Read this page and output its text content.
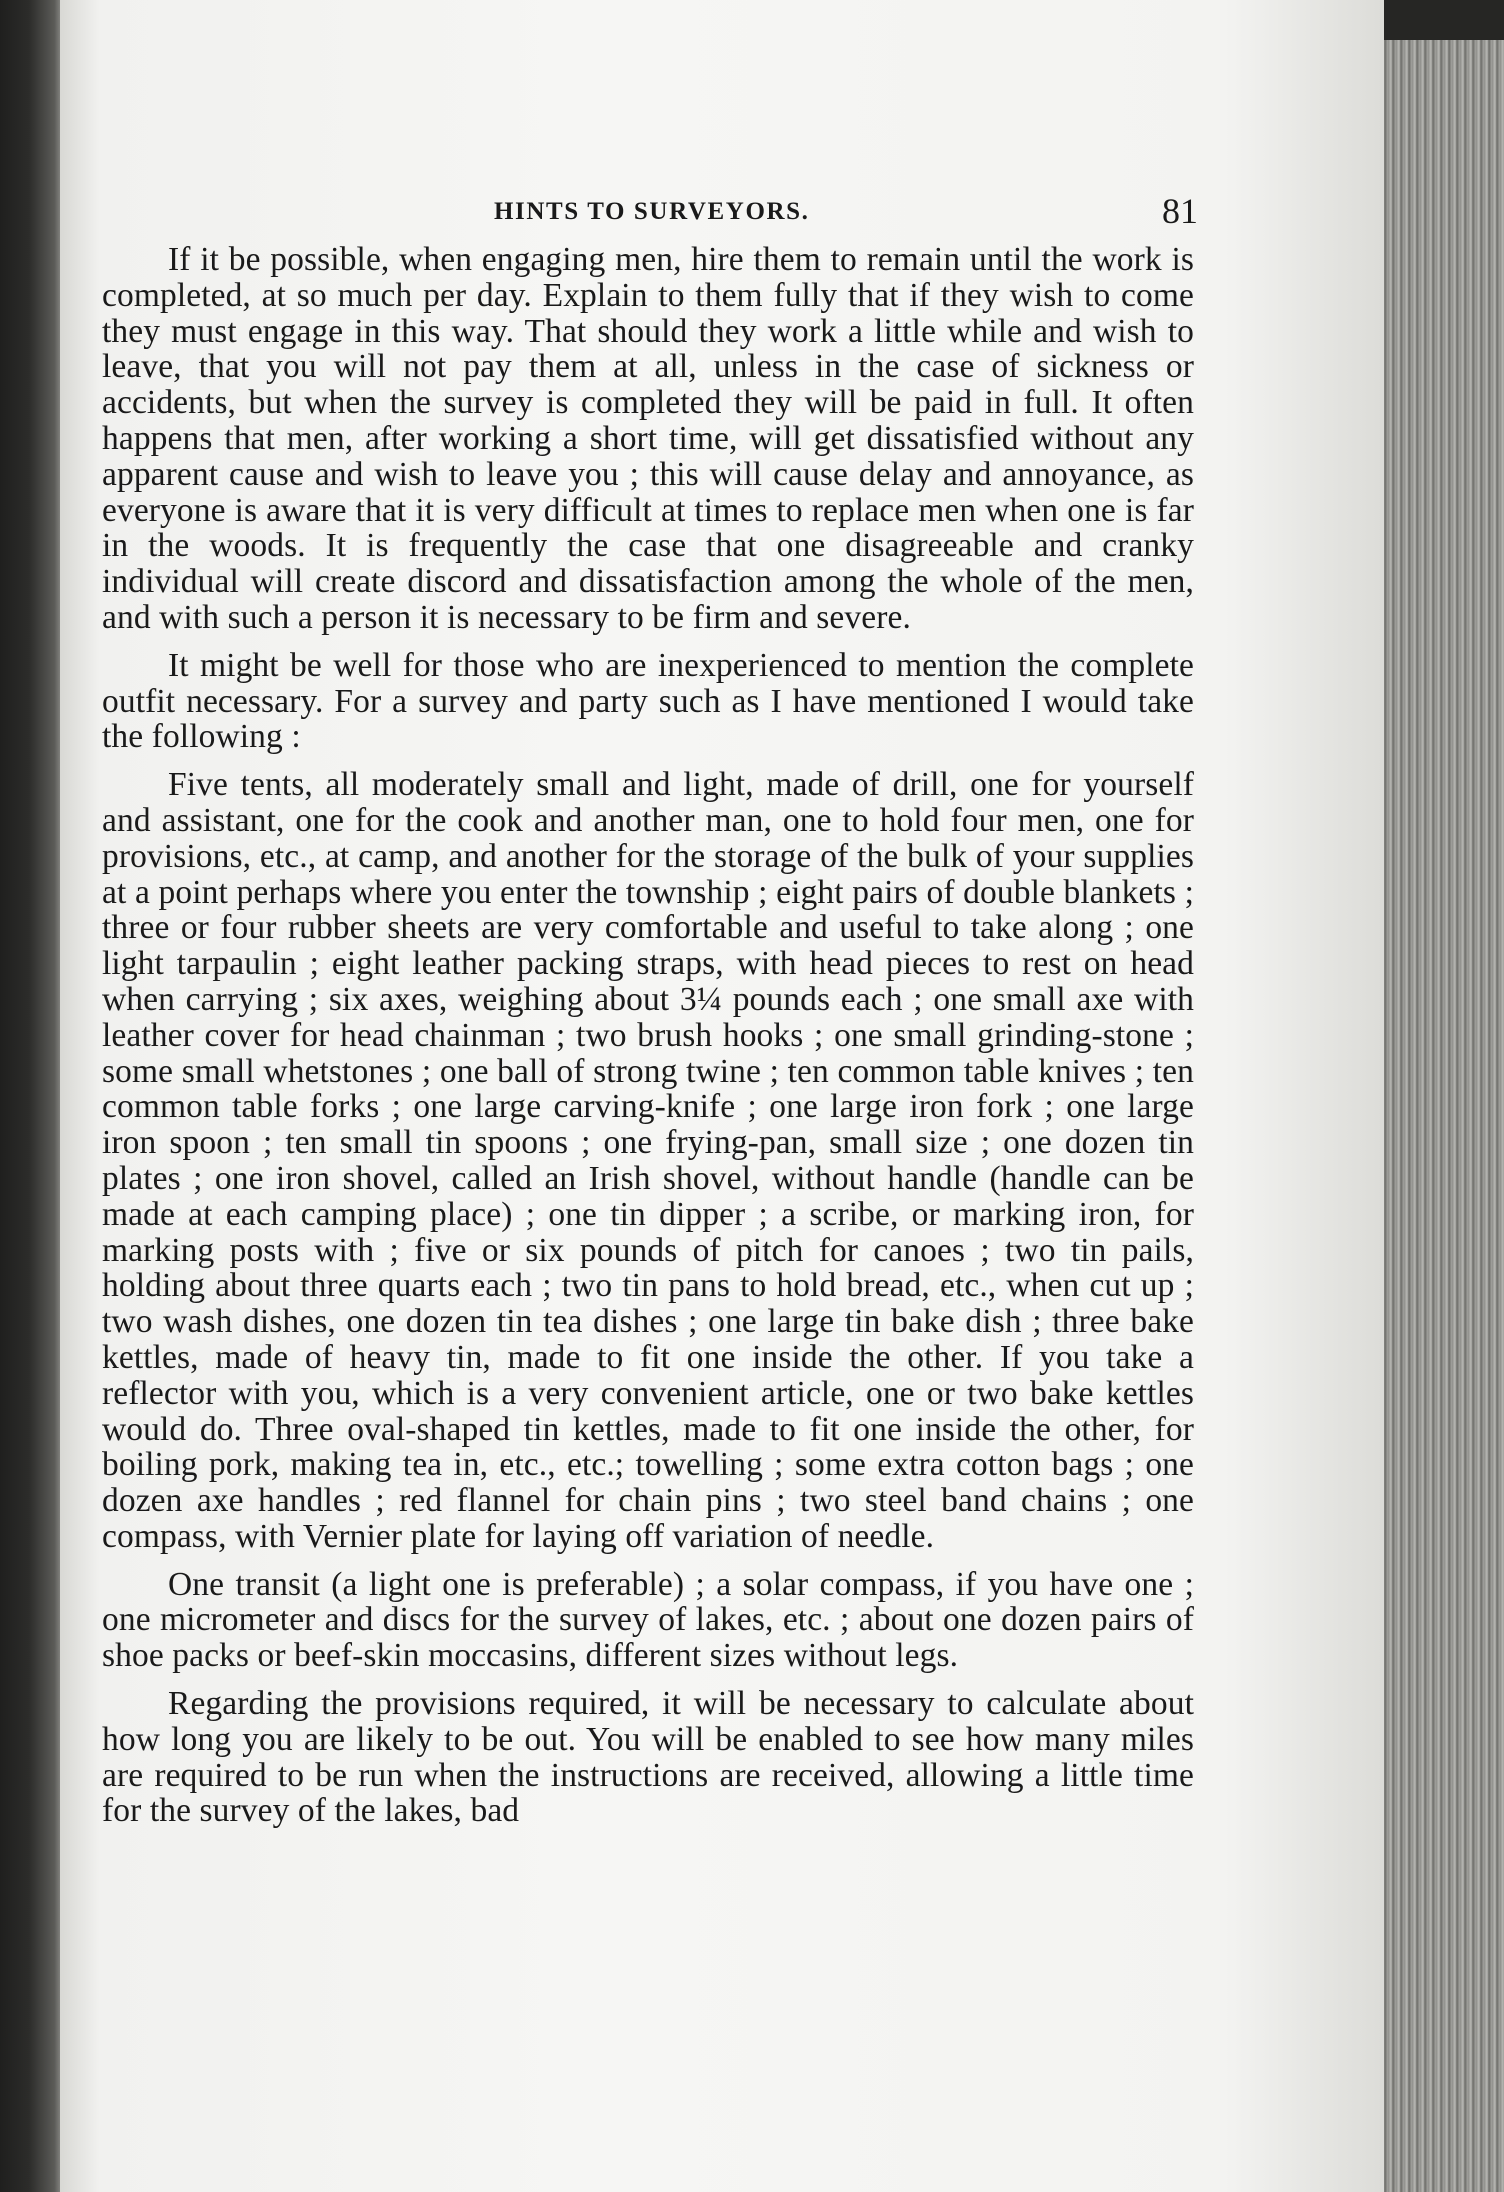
HINTS TO SURVEYORS.	81

If it be possible, when engaging men, hire them to remain until the work is completed, at so much per day. Explain to them fully that if they wish to come they must engage in this way. That should they work a little while and wish to leave, that you will not pay them at all, unless in the case of sickness or accidents, but when the survey is completed they will be paid in full. It often happens that men, after working a short time, will get dissatisfied without any apparent cause and wish to leave you ; this will cause delay and annoyance, as everyone is aware that it is very difficult at times to replace men when one is far in the woods. It is frequently the case that one disagreeable and cranky individual will create discord and dissatisfaction among the whole of the men, and with such a person it is necessary to be firm and severe.

It might be well for those who are inexperienced to mention the complete outfit necessary. For a survey and party such as I have mentioned I would take the following :

Five tents, all moderately small and light, made of drill, one for yourself and assistant, one for the cook and another man, one to hold four men, one for provisions, etc., at camp, and another for the storage of the bulk of your supplies at a point perhaps where you enter the township ; eight pairs of double blankets ; three or four rubber sheets are very comfortable and useful to take along ; one light tarpaulin ; eight leather packing straps, with head pieces to rest on head when carrying ; six axes, weighing about 3¼ pounds each ; one small axe with leather cover for head chainman ; two brush hooks ; one small grinding-stone ; some small whetstones ; one ball of strong twine ; ten common table knives ; ten common table forks ; one large carving-knife ; one large iron fork ; one large iron spoon ; ten small tin spoons ; one frying-pan, small size ; one dozen tin plates ; one iron shovel, called an Irish shovel, without handle (handle can be made at each camping place) ; one tin dipper ; a scribe, or marking iron, for marking posts with ; five or six pounds of pitch for canoes ; two tin pails, holding about three quarts each ; two tin pans to hold bread, etc., when cut up ; two wash dishes, one dozen tin tea dishes ; one large tin bake dish ; three bake kettles, made of heavy tin, made to fit one inside the other. If you take a reflector with you, which is a very convenient article, one or two bake kettles would do. Three oval-shaped tin kettles, made to fit one inside the other, for boiling pork, making tea in, etc., etc.; towelling ; some extra cotton bags ; one dozen axe handles ; red flannel for chain pins ; two steel band chains ; one compass, with Vernier plate for laying off variation of needle.

One transit (a light one is preferable) ; a solar compass, if you have one ; one micrometer and discs for the survey of lakes, etc. ; about one dozen pairs of shoe packs or beef-skin moccasins, different sizes without legs.

Regarding the provisions required, it will be necessary to calculate about how long you are likely to be out. You will be enabled to see how many miles are required to be run when the instructions are received, allowing a little time for the survey of the lakes, bad
